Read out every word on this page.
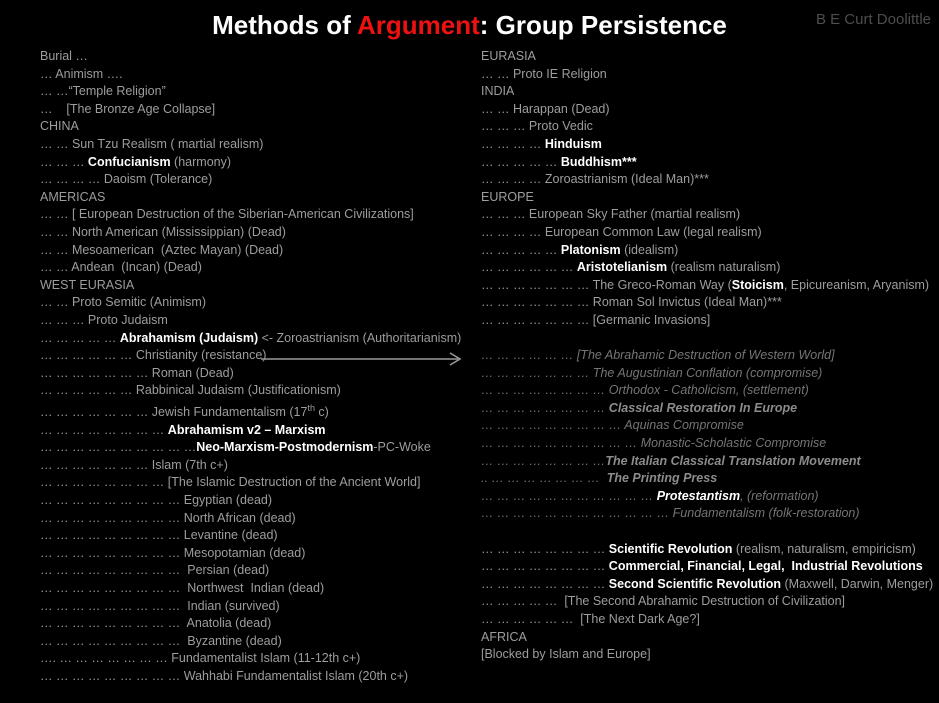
Methods of Argument: Group Persistence	B E Curt Doolittle
Burial …
… Animism ….
… …“Temple Religion”
…    [The Bronze Age Collapse]
CHINA
… … Sun Tzu Realism ( martial realism)
… … … Confucianism (harmony)
… … … … Daoism (Tolerance)
AMERICAS
… … [ European Destruction of the Siberian-American Civilizations]
… … North American (Mississippian) (Dead)
… … Mesoamerican  (Aztec Mayan) (Dead)
… … Andean  (Incan) (Dead)
WEST EURASIA
… … Proto Semitic (Animism)
… … … Proto Judaism
… … … … … Abrahamism (Judaism) <- Zoroastrianism (Authoritarianism)
… … … … … … Christianity (resistance)
… … … … … … … Roman (Dead)
… … … … … … Rabbinical Judaism (Justificationism)
… … … … … … … Jewish Fundamentalism (17th c)
… … … … … … … … Abrahamism v2 – Marxism
… … … … … … … … … …Neo-Marxism-Postmodernism-PC-Woke
… … … … … … … Islam (7th c+)
… … … … … … … … [The Islamic Destruction of the Ancient World]
… … … … … … … … … Egyptian (dead)
… … … … … … … … … North African (dead)
… … … … … … … … … Levantine (dead)
… … … … … … … … … Mesopotamian (dead)
… … … … … … … … …  Persian (dead)
… … … … … … … … …  Northwest  Indian (dead)
… … … … … … … … …  Indian (survived)
… … … … … … … … …  Anatolia (dead)
… … … … … … … … …  Byzantine (dead)
…. … … … … … … … Fundamentalist Islam (11-12th c+)
… … … … … … … … … Wahhabi Fundamentalist Islam (20th c+)
EURASIA
… … Proto IE Religion
INDIA
… … Harappan (Dead)
… … … Proto Vedic
… … … … Hinduism
… … … … … Buddhism***
… … … … Zoroastrianism (Ideal Man)***
EUROPE
… … … European Sky Father (martial realism)
… … … … European Common Law (legal realism)
… … … … … Platonism (idealism)
… … … … … … Aristotelianism (realism naturalism)
… … … … … … … The Greco-Roman Way (Stoicism, Epicureanism, Aryanism)
… … … … … … … Roman Sol Invictus (Ideal Man)***
… … … … … … … [Germanic Invasions]

… … … … … … [The Abrahamic Destruction of Western World]
… … … … … … … The Augustinian Conflation (compromise)
… … … … … … … … Orthodox - Catholicism, (settlement)
… … … … … … … … Classical Restoration In Europe
… … … … … … … … … Aquinas Compromise
… … … … … … … … … … Monastic-Scholastic Compromise
… … … … … … … …The Italian Classical Translation Movement
.. … … … … … … …  The Printing Press
… … … … … … … … … … … Protestantism, (reformation)
… … … … … … … … … … … … Fundamentalism (folk-restoration)

… … … … … … … … Scientific Revolution (realism, naturalism, empiricism)
… … … … … … … … Commercial, Financial, Legal,  Industrial Revolutions
… … … … … … … … Second Scientific Revolution (Maxwell, Darwin, Menger)
… … … … …  [The Second Abrahamic Destruction of Civilization]
… … … … … …  [The Next Dark Age?]
AFRICA
[Blocked by Islam and Europe]
